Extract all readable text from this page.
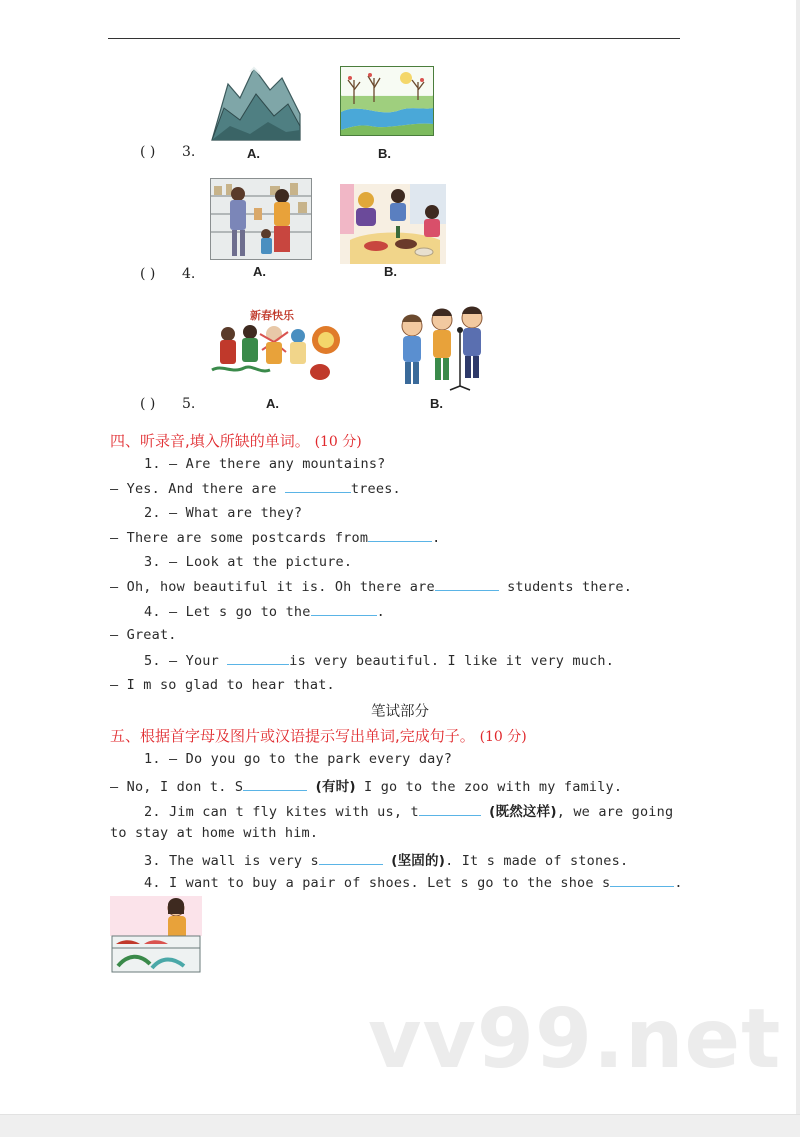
( ) 3.	A.	B.
( ) 4.	A.	B.
( ) 5.
新春快乐
A.	B.
四、听录音,填入所缺的单词。 (10 分)
1. — Are there any mountains?
— Yes. And there are	trees.
2. — What are they?
— There are some postcards from	.
3. — Look at the picture.
— Oh, how beautiful it is. Oh there are	students there.
4. — Let s go to the	.
— Great.
5. — Your	is very beautiful. I like it very much.
— I m so glad to hear that.
笔试部分
五、根据首字母及图片或汉语提示写出单词,完成句子。 (10 分)
1. — Do you go to the park every day?
— No, I don t. S	(有时) I go to the zoo with my family.
2. Jim can t fly kites with us, t	(既然这样), we are going
to stay at home with him.
3. The wall is very s	(坚固的). It s made of stones.
4. I want to buy a pair of shoes. Let s go to the shoe s	.
vv99.net
